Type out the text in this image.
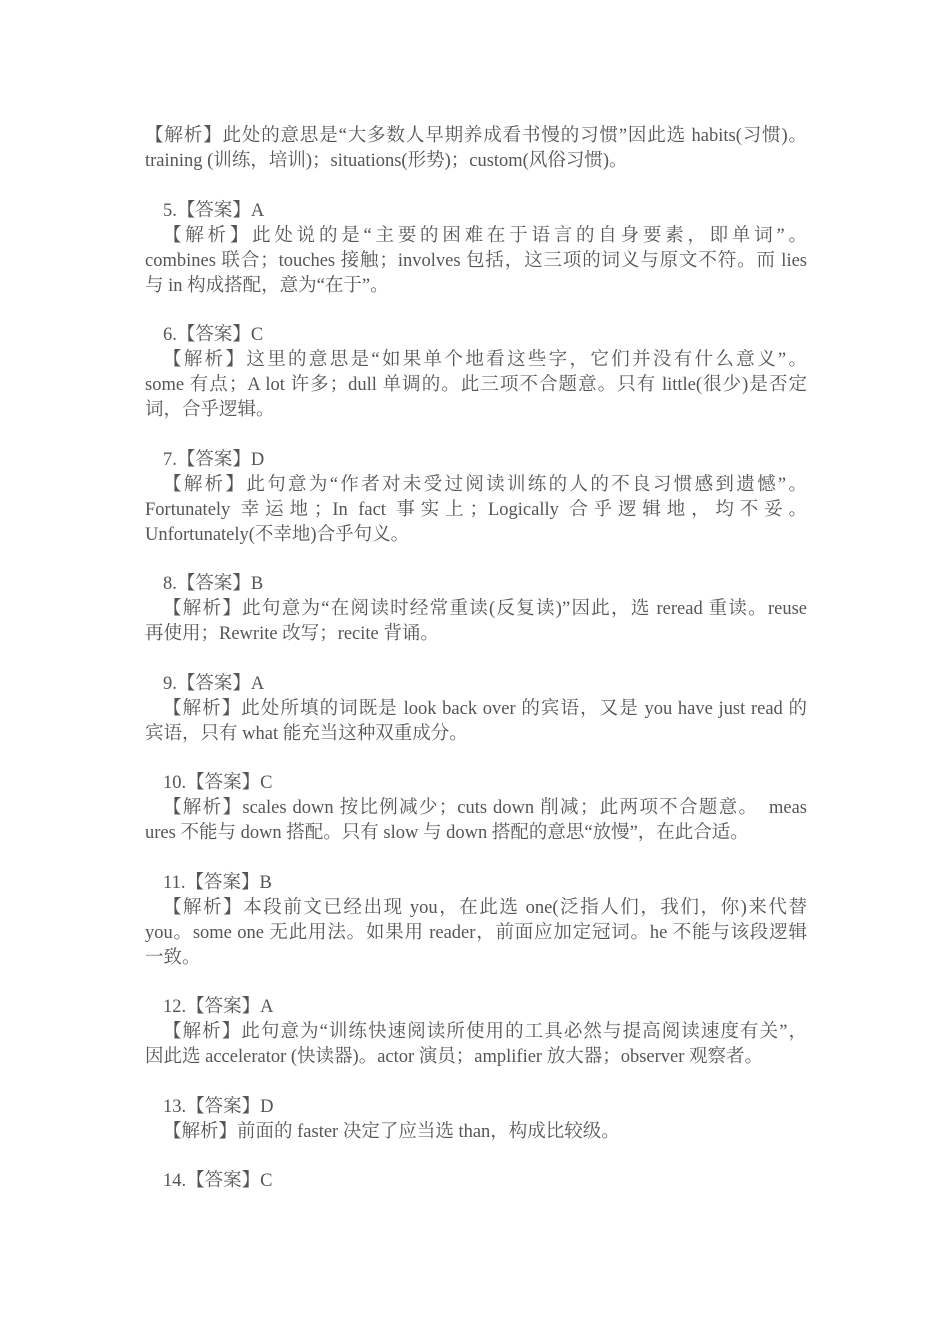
【解析】此处的意思是“大多数人早期养成看书慢的习惯”因此选 habits(习惯)。
training (训练，培训)；situations(形势)；custom(风俗习惯)。
5.【答案】A
【解析】此处说的是“主要的困难在于语言的自身要素，即单词”。
combines 联合；touches 接触；involves 包括，这三项的词义与原文不符。而 lies
与 in 构成搭配，意为“在于”。
6.【答案】C
【解析】这里的意思是“如果单个地看这些字，它们并没有什么意义”。
some 有点；A lot 许多；dull 单调的。此三项不合题意。只有 little(很少)是否定
词，合乎逻辑。
7.【答案】D
【解析】此句意为“作者对未受过阅读训练的人的不良习惯感到遗憾”。
Fortunately 幸运地；In fact 事实上；Logically 合乎逻辑地，均不妥。
Unfortunately(不幸地)合乎句义。
8.【答案】B
【解析】此句意为“在阅读时经常重读(反复读)”因此，选 reread 重读。reuse
再使用；Rewrite 改写；recite 背诵。
9.【答案】A
【解析】此处所填的词既是 look back over 的宾语，又是 you have just read 的
宾语，只有 what 能充当这种双重成分。
10.【答案】C
【解析】scales down 按比例减少；cuts down 削减；此两项不合题意。　meas
ures 不能与 down 搭配。只有 slow 与 down 搭配的意思“放慢”，在此合适。
11.【答案】B
【解析】本段前文已经出现 you，在此选 one(泛指人们，我们，你)来代替
you。some one 无此用法。如果用 reader，前面应加定冠词。he 不能与该段逻辑
一致。
12.【答案】A
【解析】此句意为“训练快速阅读所使用的工具必然与提高阅读速度有关”，
因此选 accelerator (快读器)。actor 演员；amplifier 放大器；observer 观察者。
13.【答案】D
【解析】前面的 faster 决定了应当选 than，构成比较级。
14.【答案】C
